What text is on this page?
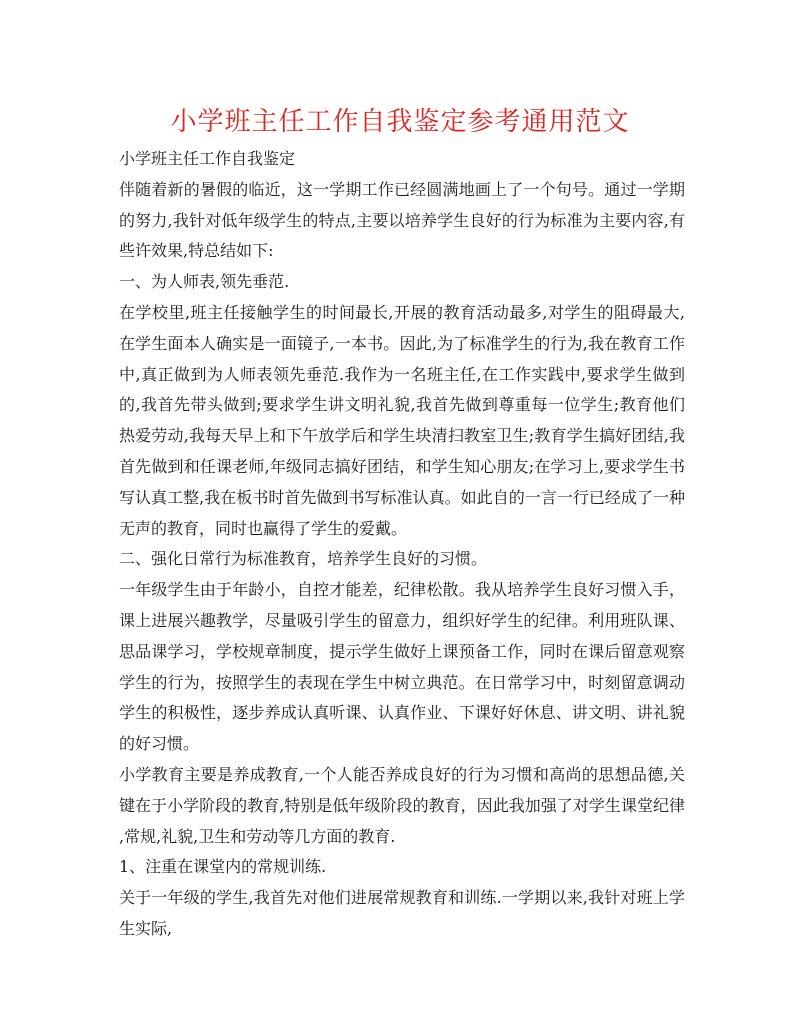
小学班主任工作自我鉴定参考通用范文
小学班主任工作自我鉴定
伴随着新的暑假的临近，这一学期工作已经圆满地画上了一个句号。通过一学期
的努力,我针对低年级学生的特点,主要以培养学生良好的行为标准为主要内容,有
些许效果,特总结如下:
一、为人师表,领先垂范.
在学校里,班主任接触学生的时间最长,开展的教育活动最多,对学生的阻碍最大,
在学生面本人确实是一面镜子,一本书。因此,为了标准学生的行为,我在教育工作
中,真正做到为人师表领先垂范.我作为一名班主任,在工作实践中,要求学生做到
的,我首先带头做到;要求学生讲文明礼貌,我首先做到尊重每一位学生;教育他们
热爱劳动,我每天早上和下午放学后和学生块清扫教室卫生;教育学生搞好团结,我
首先做到和任课老师,年级同志搞好团结，和学生知心朋友;在学习上,要求学生书
写认真工整,我在板书时首先做到书写标准认真。如此自的一言一行已经成了一种
无声的教育，同时也赢得了学生的爱戴。
二、强化日常行为标准教育，培养学生良好的习惯。
一年级学生由于年龄小，自控才能差，纪律松散。我从培养学生良好习惯入手，
课上进展兴趣教学，尽量吸引学生的留意力，组织好学生的纪律。利用班队课、
思品课学习，学校规章制度，提示学生做好上课预备工作，同时在课后留意观察
学生的行为，按照学生的表现在学生中树立典范。在日常学习中，时刻留意调动
学生的积极性，逐步养成认真听课、认真作业、下课好好休息、讲文明、讲礼貌
的好习惯。
小学教育主要是养成教育,一个人能否养成良好的行为习惯和高尚的思想品德,关
键在于小学阶段的教育,特别是低年级阶段的教育，因此我加强了对学生课堂纪律
,常规,礼貌,卫生和劳动等几方面的教育.
1、注重在课堂内的常规训练.
关于一年级的学生,我首先对他们进展常规教育和训练.一学期以来,我针对班上学
生实际,
